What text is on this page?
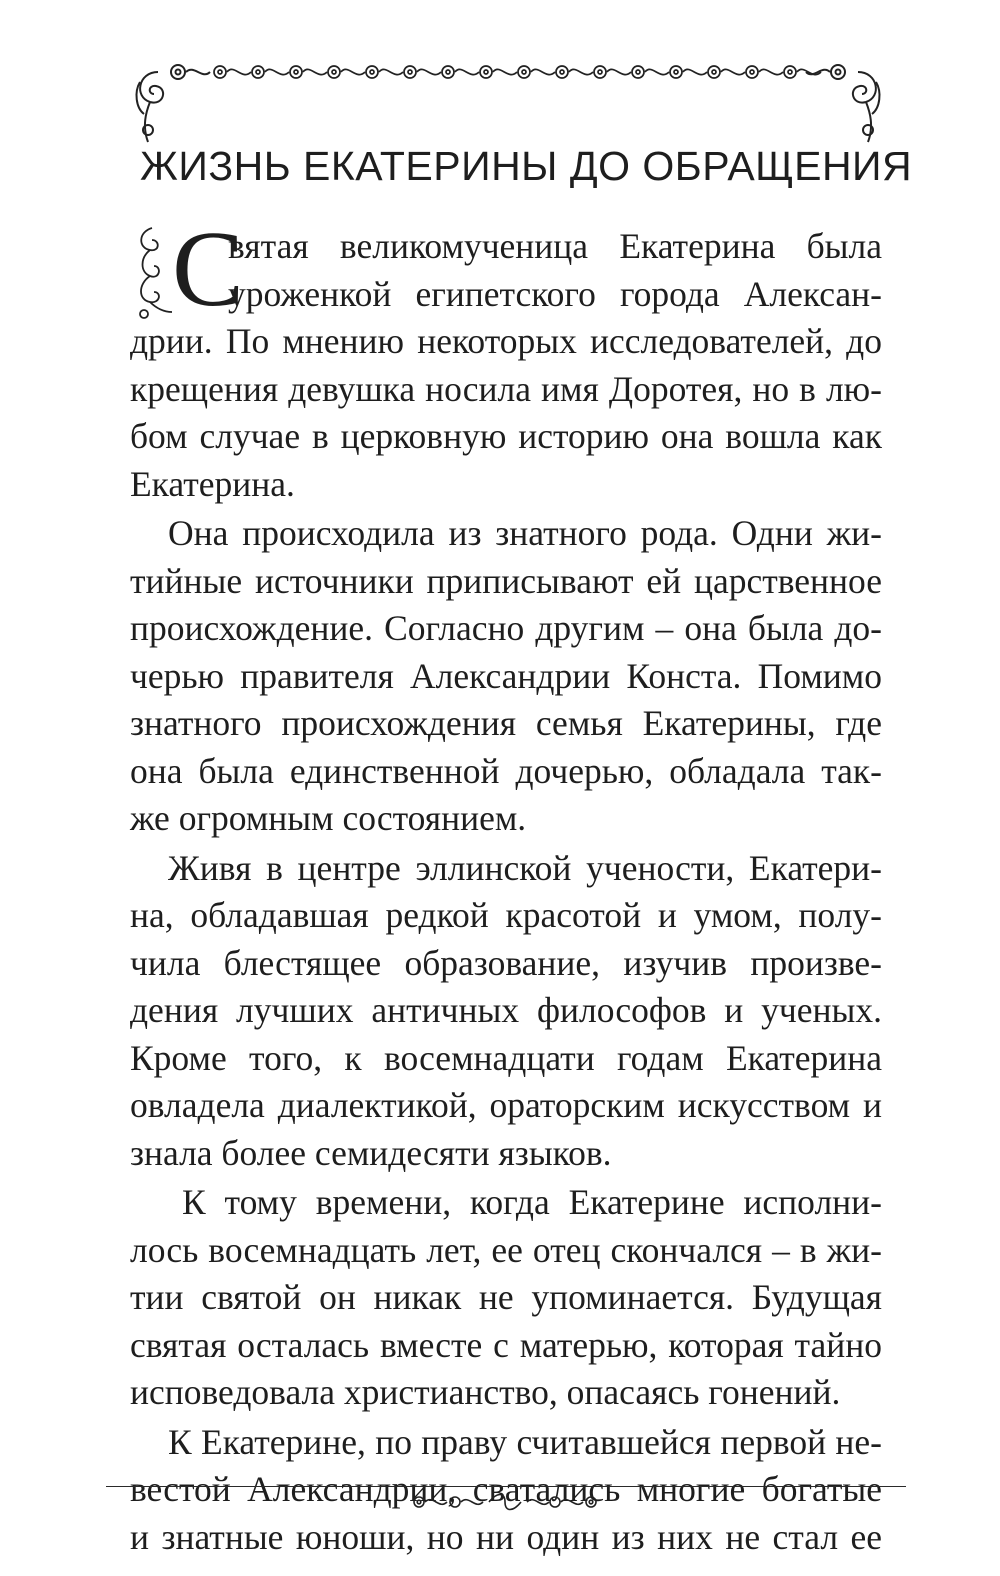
ЖИЗНЬ ЕКАТЕРИНЫ ДО ОБРАЩЕНИЯ
С
вятая великомученица Екатерина была
уроженкой египетского города Алексан-
дрии. По мнению некоторых исследователей, до
крещения девушка носила имя Доротея, но в лю-
бом случае в церковную историю она вошла как
Екатерина.
Она происходила из знатного рода. Одни жи-
тийные источники приписывают ей царственное
происхождение. Согласно другим – она была до-
черью правителя Александрии Конста. Помимо
знатного происхождения семья Екатерины, где
она была единственной дочерью, обладала так-
же огромным состоянием.
Живя в центре эллинской учености, Екатери-
на, обладавшая редкой красотой и умом, полу-
чила блестящее образование, изучив произве-
дения лучших античных философов и ученых.
Кроме того, к восемнадцати годам Екатерина
овладела диалектикой, ораторским искусством и
знала более семидесяти языков.
К тому времени, когда Екатерине исполни-
лось восемнадцать лет, ее отец скончался – в жи-
тии святой он никак не упоминается. Будущая
святая осталась вместе с матерью, которая тайно
исповедовала христианство, опасаясь гонений.
К Екатерине, по праву считавшейся первой не-
вестой Александрии, сватались многие богатые
и знатные юноши, но ни один из них не стал ее
